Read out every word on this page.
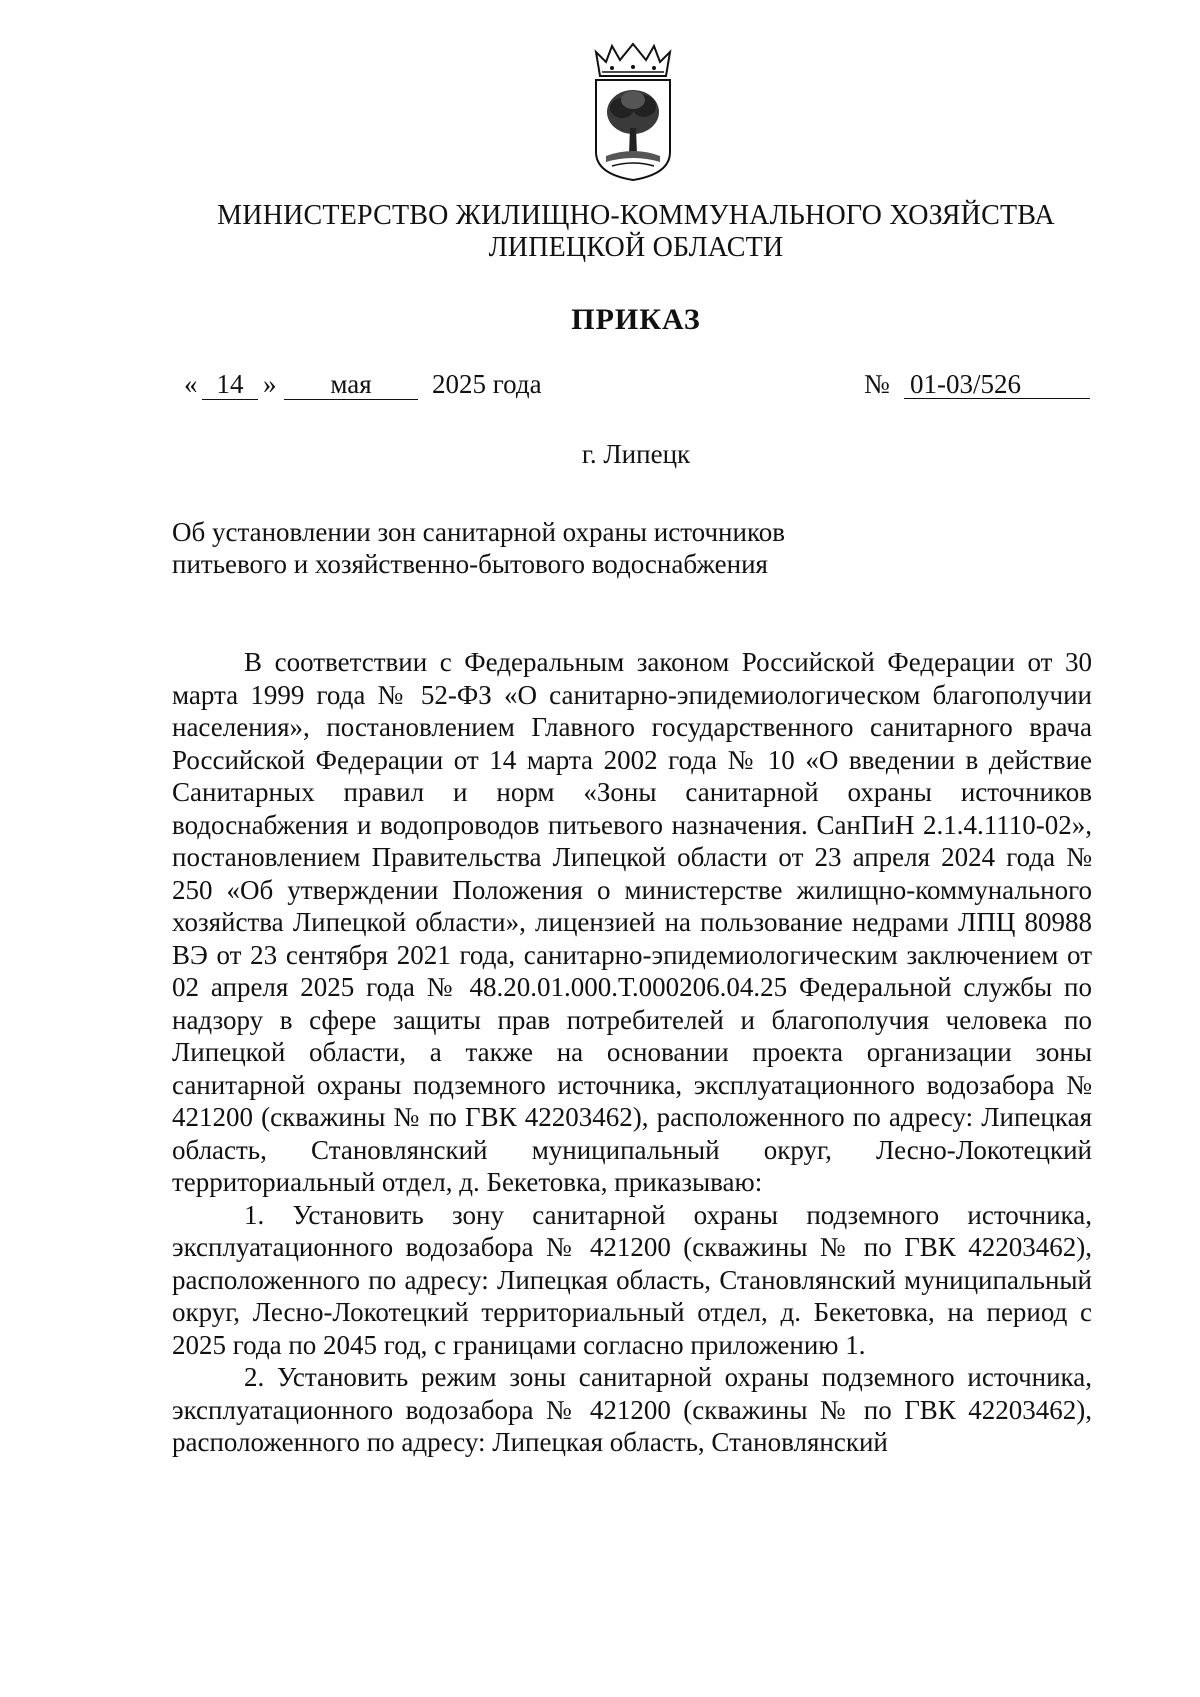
МИНИСТЕРСТВО ЖИЛИЩНО-КОММУНАЛЬНОГО ХОЗЯЙСТВА
ЛИПЕЦКОЙ ОБЛАСТИ
ПРИКАЗ
« 14 »	мая	2025 года	№ 01-03/526
г. Липецк
Об установлении зон санитарной охраны источников питьевого и хозяйственно-бытового водоснабжения

В соответствии с Федеральным законом Российской Федерации от 30 марта 1999 года № 52-ФЗ «О санитарно-эпидемиологическом благополучии населения», постановлением Главного государственного санитарного врача Российской Федерации от 14 марта 2002 года № 10 «О введении в действие Санитарных правил и норм «Зоны санитарной охраны источников водоснабжения и водопроводов питьевого назначения. СанПиН 2.1.4.1110-02», постановлением Правительства Липецкой области от 23 апреля 2024 года № 250 «Об утверждении Положения о министерстве жилищно-коммунального хозяйства Липецкой области», лицензией на пользование недрами ЛПЦ 80988 ВЭ от 23 сентября 2021 года, санитарно-эпидемиологическим заключением от 02 апреля 2025 года № 48.20.01.000.Т.000206.04.25 Федеральной службы по надзору в сфере защиты прав потребителей и благополучия человека по Липецкой области, а также на основании проекта организации зоны санитарной охраны подземного источника, эксплуатационного водозабора № 421200 (скважины № по ГВК 42203462), расположенного по адресу: Липецкая область, Становлянский муниципальный округ, Лесно-Локотецкий территориальный отдел, д. Бекетовка, приказываю:

1. Установить зону санитарной охраны подземного источника, эксплуатационного водозабора № 421200 (скважины № по ГВК 42203462), расположенного по адресу: Липецкая область, Становлянский муниципальный округ, Лесно-Локотецкий территориальный отдел, д. Бекетовка, на период с 2025 года по 2045 год, с границами согласно приложению 1.

2. Установить режим зоны санитарной охраны подземного источника, эксплуатационного водозабора № 421200 (скважины № по ГВК 42203462), расположенного по адресу: Липецкая область, Становлянский
